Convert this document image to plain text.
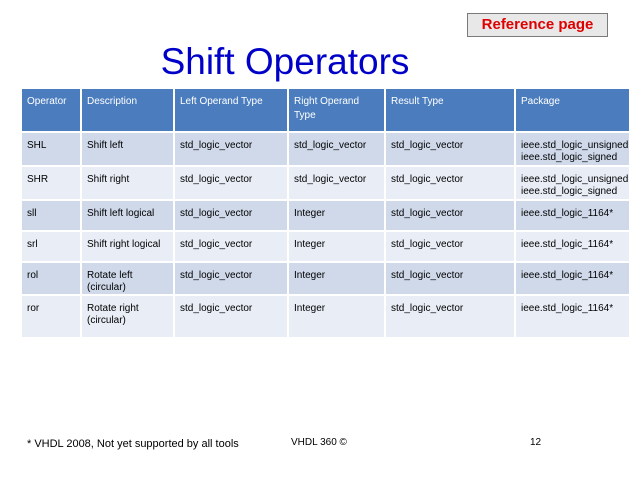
Reference page
Shift Operators
Operator	Description	Left Operand Type	Right Operand Type	Result Type	Package
SHL	Shift left	std_logic_vector	std_logic_vector	std_logic_vector	ieee.std_logic_unsigned ieee.std_logic_signed
SHR	Shift right	std_logic_vector	std_logic_vector	std_logic_vector	ieee.std_logic_unsigned ieee.std_logic_signed
sll	Shift left logical	std_logic_vector	Integer	std_logic_vector	ieee.std_logic_1164*
srl	Shift right logical	std_logic_vector	Integer	std_logic_vector	ieee.std_logic_1164*
rol	Rotate left (circular)	std_logic_vector	Integer	std_logic_vector	ieee.std_logic_1164*
ror	Rotate right (circular)	std_logic_vector	Integer	std_logic_vector	ieee.std_logic_1164*
* VHDL 2008, Not yet supported by all tools	VHDL 360 ©	12
